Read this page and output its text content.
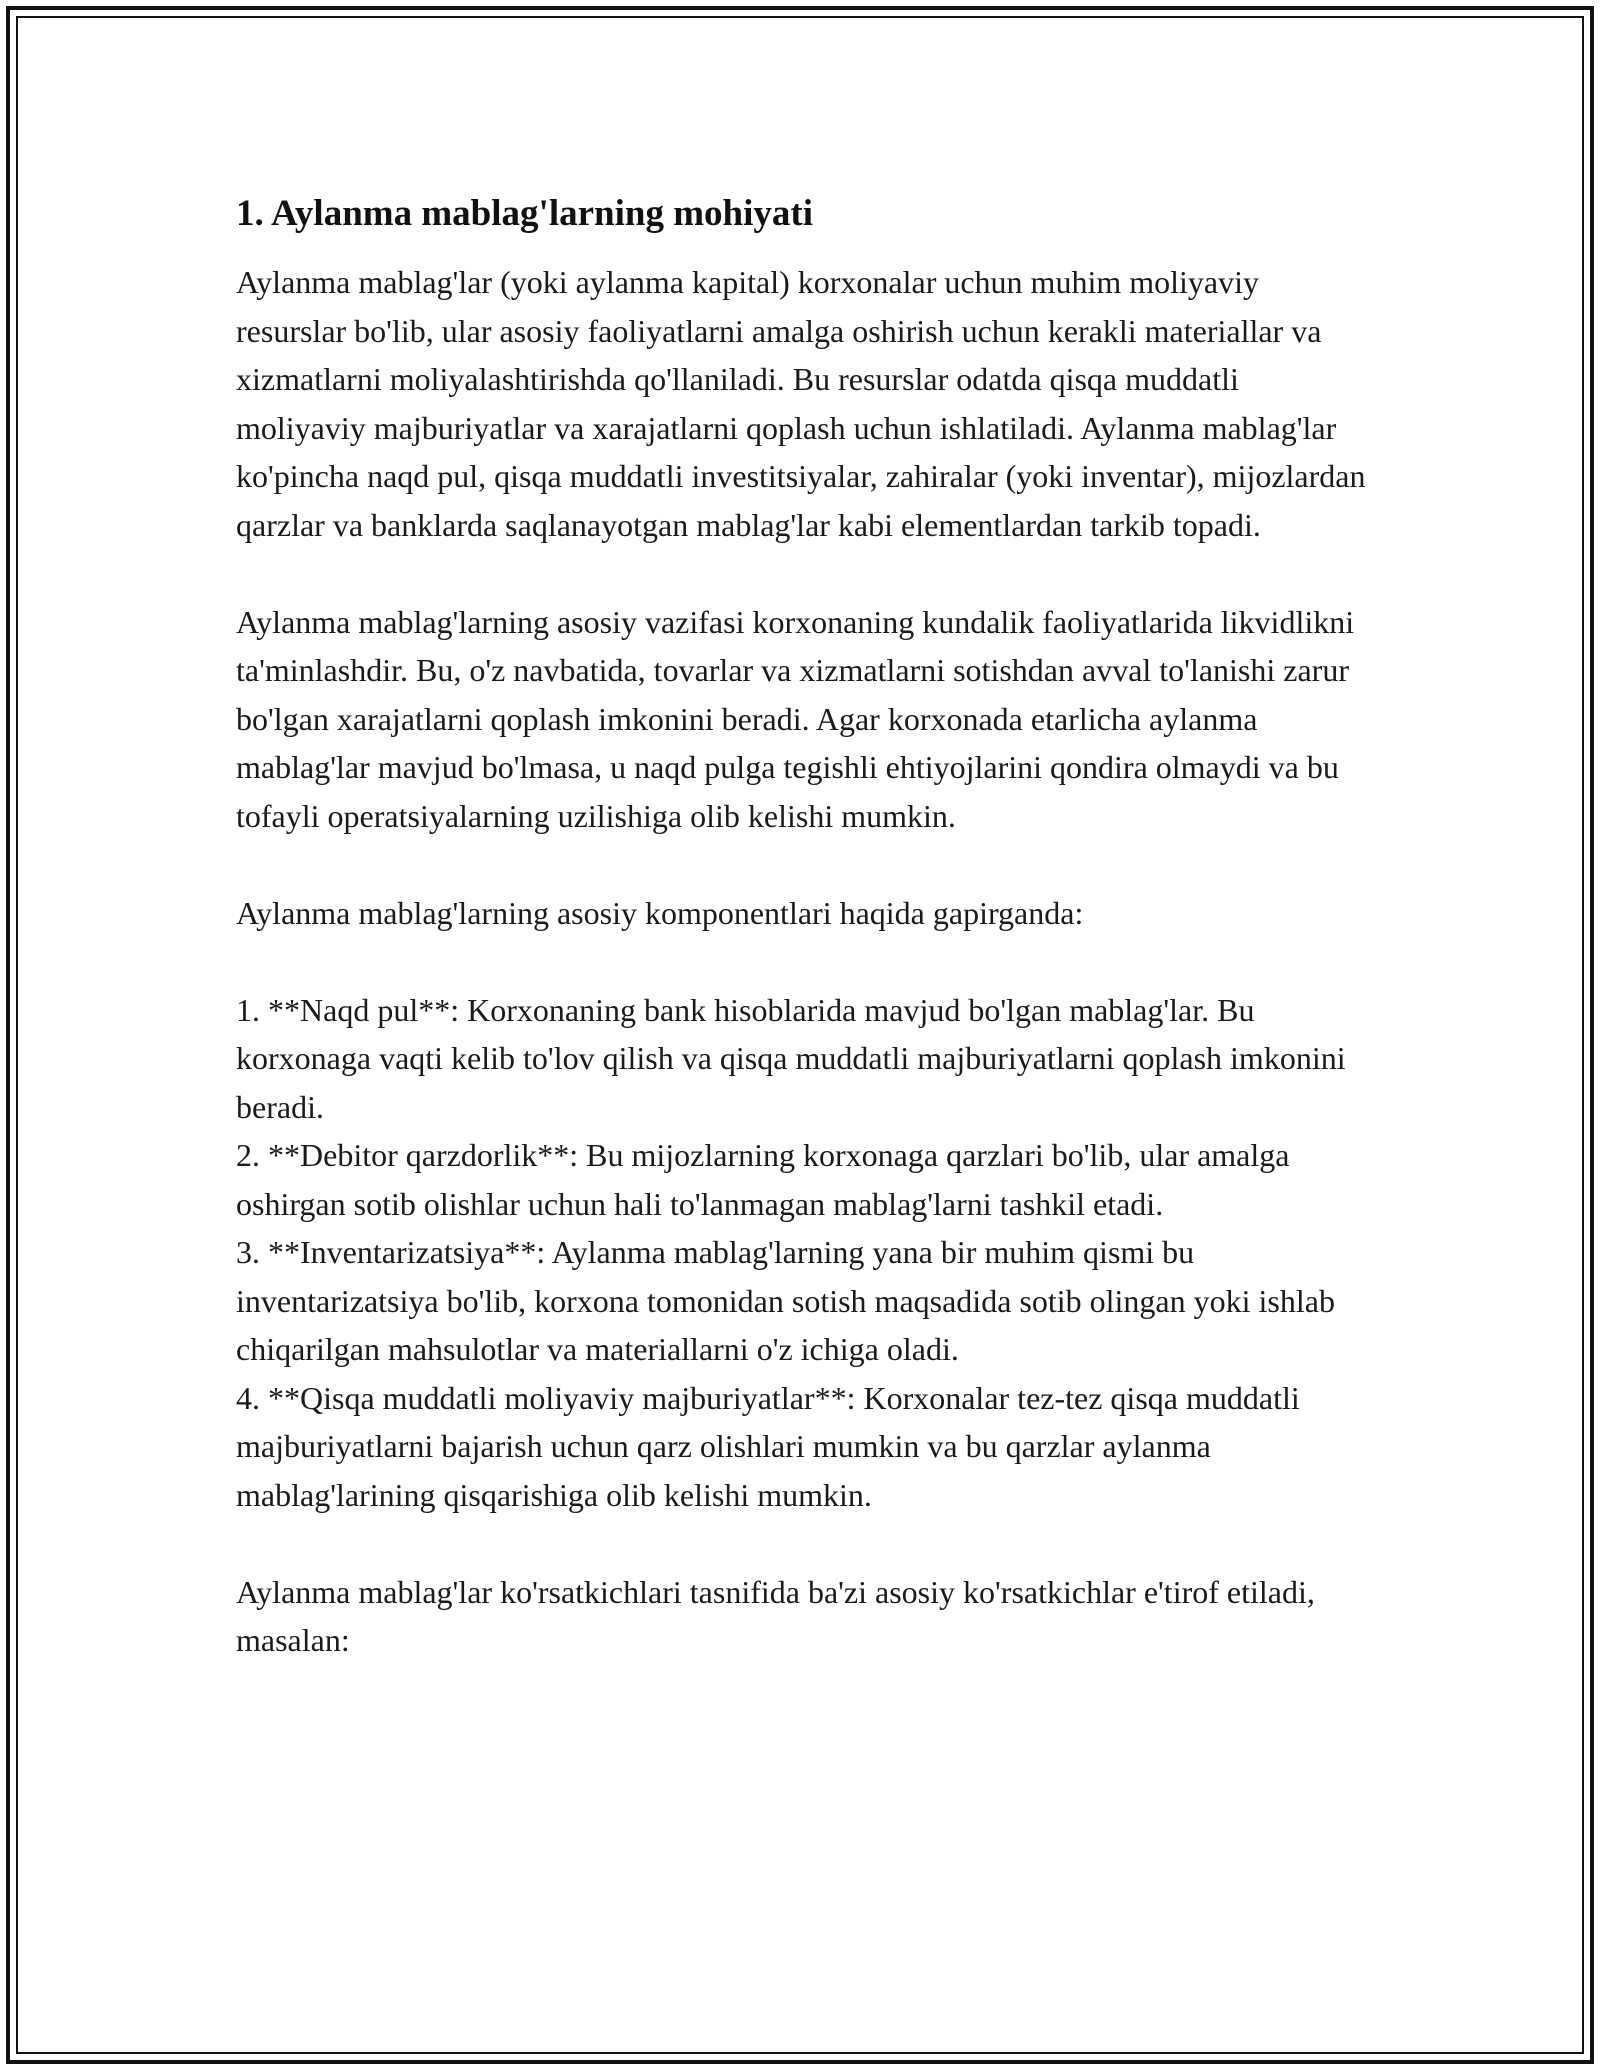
1. Aylanma mablag'larning mohiyati

Aylanma mablag'lar (yoki aylanma kapital) korxonalar uchun muhim moliyaviy resurslar bo'lib, ular asosiy faoliyatlarni amalga oshirish uchun kerakli materiallar va xizmatlarni moliyalashtirishda qo'llaniladi. Bu resurslar odatda qisqa muddatli moliyaviy majburiyatlar va xarajatlarni qoplash uchun ishlatiladi. Aylanma mablag'lar ko'pincha naqd pul, qisqa muddatli investitsiyalar, zahiralar (yoki inventar), mijozlardan qarzlar va banklarda saqlanayotgan mablag'lar kabi elementlardan tarkib topadi.

Aylanma mablag'larning asosiy vazifasi korxonaning kundalik faoliyatlarida likvidlikni ta'minlashdir. Bu, o'z navbatida, tovarlar va xizmatlarni sotishdan avval to'lanishi zarur bo'lgan xarajatlarni qoplash imkonini beradi. Agar korxonada etarlicha aylanma mablag'lar mavjud bo'lmasa, u naqd pulga tegishli ehtiyojlarini qondira olmaydi va bu tofayli operatsiyalarning uzilishiga olib kelishi mumkin.

Aylanma mablag'larning asosiy komponentlari haqida gapirganda:

1. **Naqd pul**: Korxonaning bank hisoblarida mavjud bo'lgan mablag'lar. Bu korxonaga vaqti kelib to'lov qilish va qisqa muddatli majburiyatlarni qoplash imkonini beradi.

2. **Debitor qarzdorlik**: Bu mijozlarning korxonaga qarzlari bo'lib, ular amalga oshirgan sotib olishlar uchun hali to'lanmagan mablag'larni tashkil etadi.

3. **Inventarizatsiya**: Aylanma mablag'larning yana bir muhim qismi bu inventarizatsiya bo'lib, korxona tomonidan sotish maqsadida sotib olingan yoki ishlab chiqarilgan mahsulotlar va materiallarni o'z ichiga oladi.

4. **Qisqa muddatli moliyaviy majburiyatlar**: Korxonalar tez-tez qisqa muddatli majburiyatlarni bajarish uchun qarz olishlari mumkin va bu qarzlar aylanma mablag'larining qisqarishiga olib kelishi mumkin.

Aylanma mablag'lar ko'rsatkichlari tasnifida ba'zi asosiy ko'rsatkichlar e'tirof etiladi, masalan:
